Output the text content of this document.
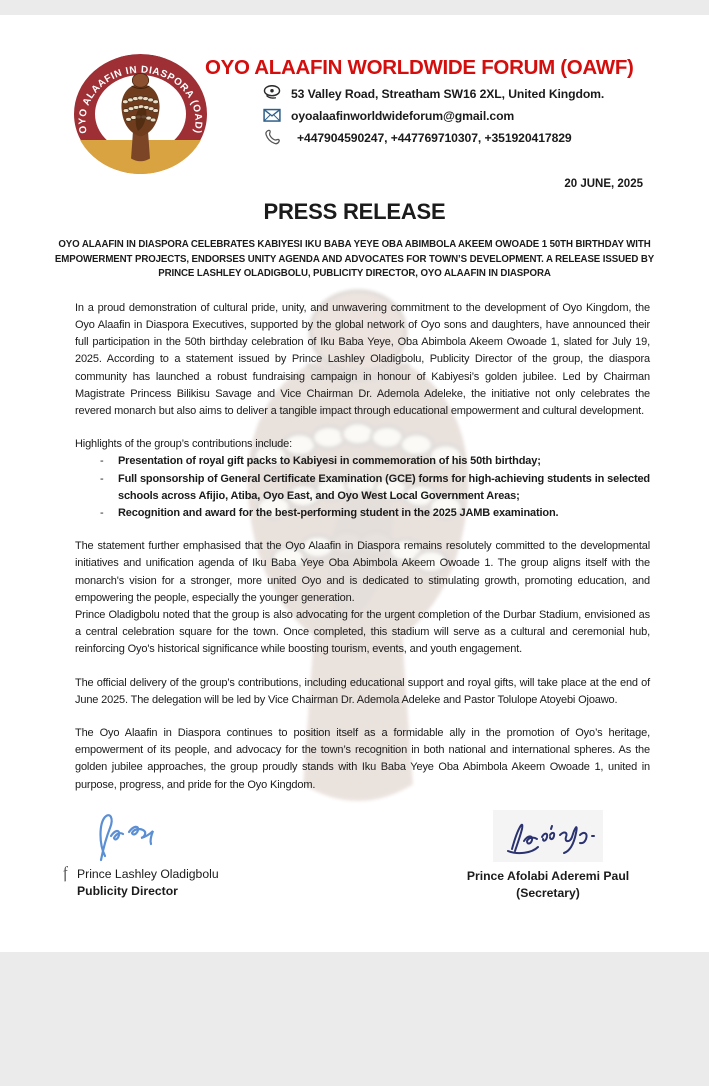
OYO ALAAFIN IN DIASPORA (OAD)
OYO ALAAFIN WORLDWIDE FORUM (OAWF)
53 Valley Road, Streatham SW16 2XL, United Kingdom.
oyoalaafinworldwideforum@gmail.com
+447904590247, +447769710307, +351920417829
20 JUNE, 2025
PRESS RELEASE
OYO ALAAFIN IN DIASPORA CELEBRATES KABIYESI IKU BABA YEYE OBA ABIMBOLA AKEEM OWOADE 1 50TH BIRTHDAY WITH EMPOWERMENT PROJECTS, ENDORSES UNITY AGENDA AND ADVOCATES FOR TOWN’S DEVELOPMENT. A RELEASE ISSUED BY PRINCE LASHLEY OLADIGBOLU, PUBLICITY DIRECTOR, OYO ALAAFIN IN DIASPORA

In a proud demonstration of cultural pride, unity, and unwavering commitment to the development of Oyo Kingdom, the Oyo Alaafin in Diaspora Executives, supported by the global network of Oyo sons and daughters, have announced their full participation in the 50th birthday celebration of Iku Baba Yeye, Oba Abimbola Akeem Owoade 1, slated for July 19, 2025. According to a statement issued by Prince Lashley Oladigbolu, Publicity Director of the group, the diaspora community has launched a robust fundraising campaign in honour of Kabiyesi’s golden jubilee. Led by Chairman Magistrate Princess Bilikisu Savage and Vice Chairman Dr. Ademola Adeleke, the initiative not only celebrates the revered monarch but also aims to deliver a tangible impact through educational empowerment and cultural development.

Highlights of the group’s contributions include:

-	Presentation of royal gift packs to Kabiyesi in commemoration of his 50th birthday;
-	Full sponsorship of General Certificate Examination (GCE) forms for high-achieving students in selected schools across Afijio, Atiba, Oyo East, and Oyo West Local Government Areas;
-	Recognition and award for the best-performing student in the 2025 JAMB examination.

The statement further emphasised that the Oyo Alaafin in Diaspora remains resolutely committed to the developmental initiatives and unification agenda of Iku Baba Yeye Oba Abimbola Akeem Owoade 1. The group aligns itself with the monarch's vision for a stronger, more united Oyo and is dedicated to stimulating growth, promoting education, and empowering the people, especially the younger generation.

Prince Oladigbolu noted that the group is also advocating for the urgent completion of the Durbar Stadium, envisioned as a central celebration square for the town. Once completed, this stadium will serve as a cultural and ceremonial hub, reinforcing Oyo's historical significance while boosting tourism, events, and youth engagement.

The official delivery of the group’s contributions, including educational support and royal gifts, will take place at the end of June 2025. The delegation will be led by Vice Chairman Dr. Ademola Adeleke and Pastor Tolulope Atoyebi Ojoawo.

The Oyo Alaafin in Diaspora continues to position itself as a formidable ally in the promotion of Oyo’s heritage, empowerment of its people, and advocacy for the town’s recognition in both national and international spheres. As the golden jubilee approaches, the group proudly stands with Iku Baba Yeye Oba Abimbola Akeem Owoade 1, united in purpose, progress, and pride for the Oyo Kingdom.

f Prince Lashley Oladigbolu
Publicity Director
Prince Afolabi Aderemi Paul
(Secretary)
